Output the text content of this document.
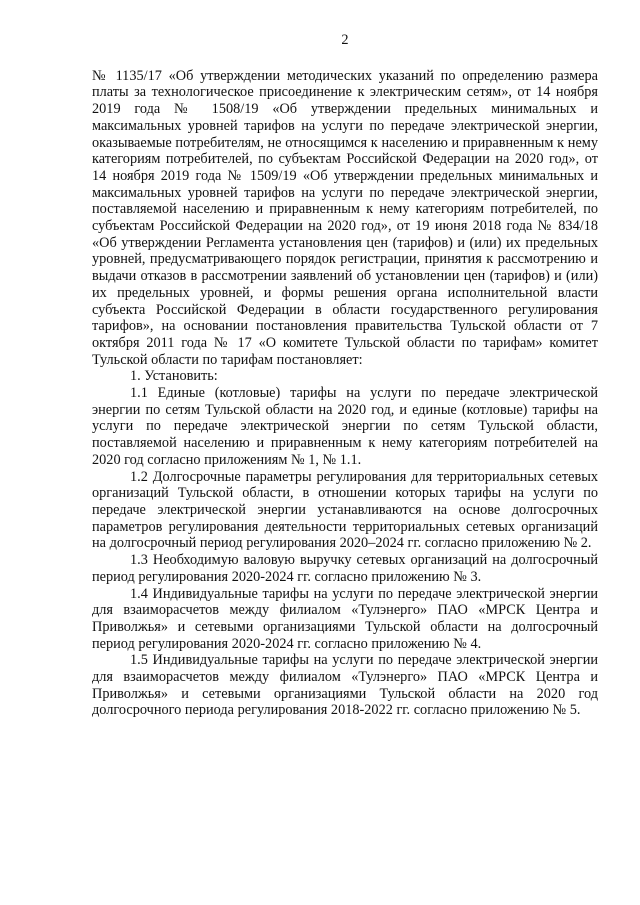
2

№ 1135/17 «Об утверждении методических указаний по определению размера платы за технологическое присоединение к электрическим сетям», от 14 ноября 2019 года № 1508/19 «Об утверждении предельных минимальных и максимальных уровней тарифов на услуги по передаче электрической энергии, оказываемые потребителям, не относящимся к населению и приравненным к нему категориям потребителей, по субъектам Российской Федерации на 2020 год», от 14 ноября 2019 года № 1509/19 «Об утверждении предельных минимальных и максимальных уровней тарифов на услуги по передаче электрической энергии, поставляемой населению и приравненным к нему категориям потребителей, по субъектам Российской Федерации на 2020 год», от 19 июня 2018 года № 834/18 «Об утверждении Регламента установления цен (тарифов) и (или) их предельных уровней, предусматривающего порядок регистрации, принятия к рассмотрению и выдачи отказов в рассмотрении заявлений об установлении цен (тарифов) и (или) их предельных уровней, и формы решения органа исполнительной власти субъекта Российской Федерации в области государственного регулирования тарифов», на основании постановления правительства Тульской области от 7 октября 2011 года № 17 «О комитете Тульской области по тарифам» комитет Тульской области по тарифам постановляет:

1. Установить:

1.1 Единые (котловые) тарифы на услуги по передаче электрической энергии по сетям Тульской области на 2020 год, и единые (котловые) тарифы на услуги по передаче электрической энергии по сетям Тульской области, поставляемой населению и приравненным к нему категориям потребителей на 2020 год согласно приложениям № 1, № 1.1.

1.2 Долгосрочные параметры регулирования для территориальных сетевых организаций Тульской области, в отношении которых тарифы на услуги по передаче электрической энергии устанавливаются на основе долгосрочных параметров регулирования деятельности территориальных сетевых организаций на долгосрочный период регулирования 2020–2024 гг. согласно приложению № 2.

1.3 Необходимую валовую выручку сетевых организаций на долгосрочный период регулирования 2020-2024 гг. согласно приложению № 3.

1.4 Индивидуальные тарифы на услуги по передаче электрической энергии для взаиморасчетов между филиалом «Тулэнерго» ПАО «МРСК Центра и Приволжья» и сетевыми организациями Тульской области на долгосрочный период регулирования 2020-2024 гг. согласно приложению № 4.

1.5 Индивидуальные тарифы на услуги по передаче электрической энергии для взаиморасчетов между филиалом «Тулэнерго» ПАО «МРСК Центра и Приволжья» и сетевыми организациями Тульской области на 2020 год долгосрочного периода регулирования 2018-2022 гг. согласно приложению № 5.
